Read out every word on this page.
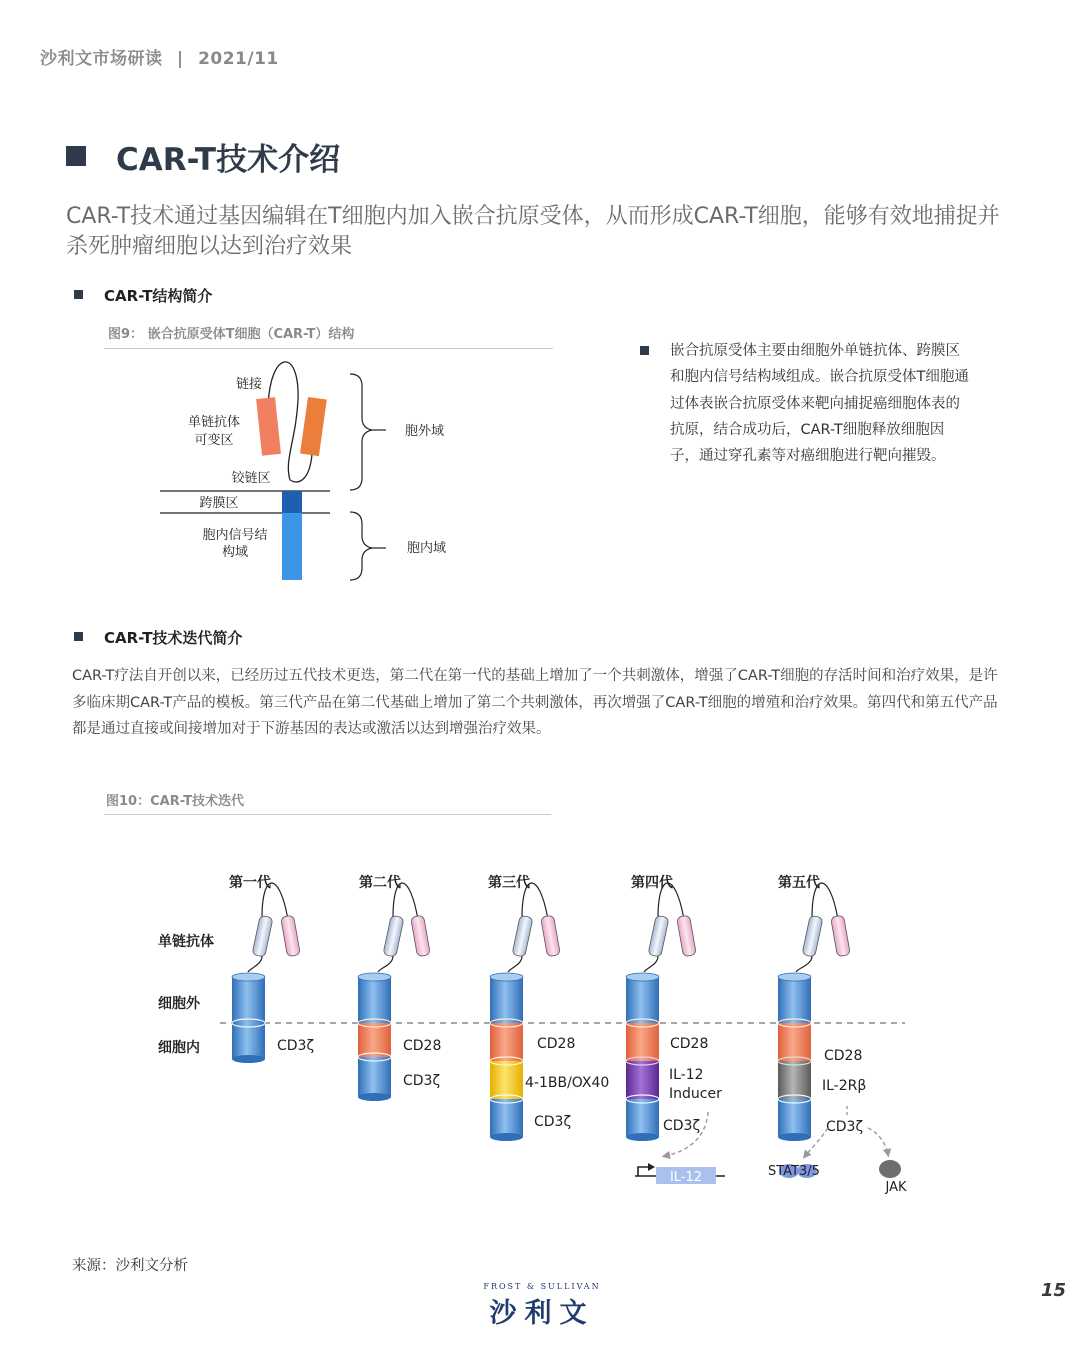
沙利文市场研读 | 2021/11
CAR-T技术介绍
CAR-T技术通过基因编辑在T细胞内加入嵌合抗原受体，从而形成CAR-T细胞，能够有效地捕捉并杀死肿瘤细胞以达到治疗效果
CAR-T结构简介
图9： 嵌合抗原受体T细胞（CAR-T）结构
链接
单链抗体
可变区
铰链区
跨膜区
胞内信号结
构域
胞外域
胞内域
嵌合抗原受体主要由细胞外单链抗体、跨膜区和胞内信号结构域组成。嵌合抗原受体T细胞通过体表嵌合抗原受体来靶向捕捉癌细胞体表的抗原，结合成功后，CAR-T细胞释放细胞因子，通过穿孔素等对癌细胞进行靶向摧毁。
CAR-T技术迭代简介
CAR-T疗法自开创以来，已经历过五代技术更迭，第二代在第一代的基础上增加了一个共刺激体，增强了CAR-T细胞的存活时间和治疗效果，是许多临床期CAR-T产品的模板。第三代产品在第二代基础上增加了第二个共刺激体，再次增强了CAR-T细胞的增殖和治疗效果。第四代和第五代产品都是通过直接或间接增加对于下游基因的表达或激活以达到增强治疗效果。
图10：CAR-T技术迭代
单链抗体
细胞外
细胞内
第一代	第二代	第三代	第四代	第五代
CD3ζ	CD28
CD3ζ
CD28
4-1BB/OX40
CD3ζ
CD28
IL-12
Inducer
CD3ζ
IL-12
CD28
IL-2Rβ
CD3ζ
STAT3/5
JAK
来源：沙利文分析
FROST & SULLIVAN
沙利文
15
